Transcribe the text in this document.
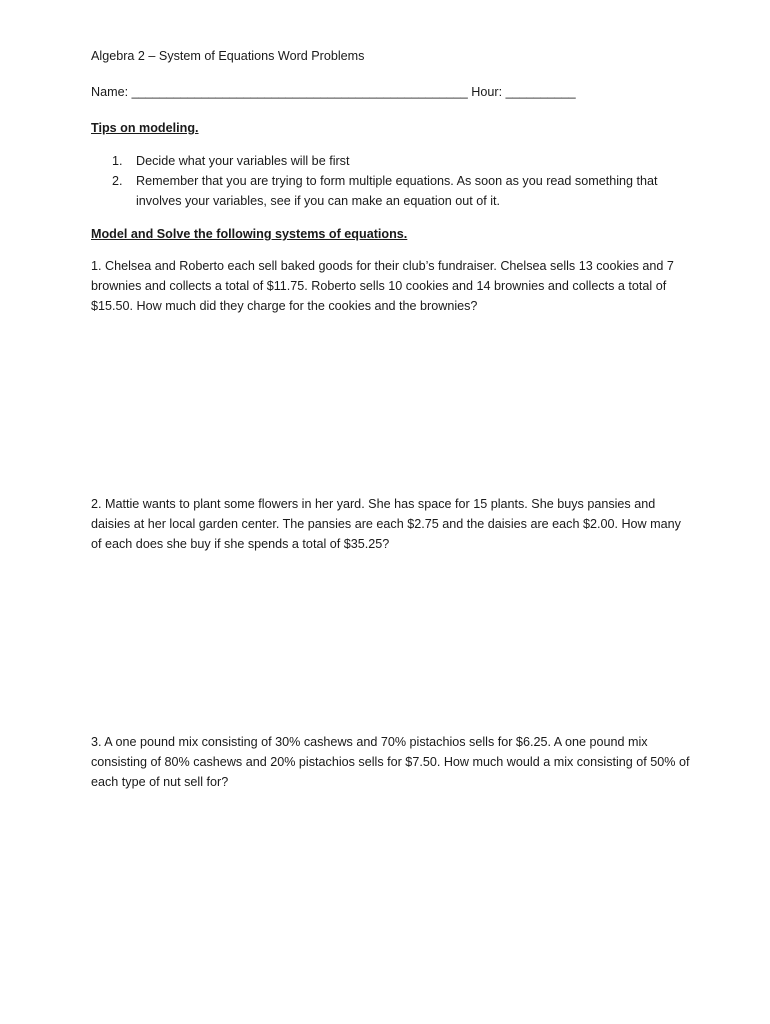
Algebra 2 – System of Equations Word Problems
Name: ________________________________________________ Hour: __________
Tips on modeling.
1. Decide what your variables will be first
2. Remember that you are trying to form multiple equations. As soon as you read something that involves your variables, see if you can make an equation out of it.
Model and Solve the following systems of equations.
1. Chelsea and Roberto each sell baked goods for their club’s fundraiser. Chelsea sells 13 cookies and 7 brownies and collects a total of $11.75. Roberto sells 10 cookies and 14 brownies and collects a total of $15.50. How much did they charge for the cookies and the brownies?
2. Mattie wants to plant some flowers in her yard. She has space for 15 plants. She buys pansies and daisies at her local garden center. The pansies are each $2.75 and the daisies are each $2.00. How many of each does she buy if she spends a total of $35.25?
3. A one pound mix consisting of 30% cashews and 70% pistachios sells for $6.25. A one pound mix consisting of 80% cashews and 20% pistachios sells for $7.50. How much would a mix consisting of 50% of each type of nut sell for?
